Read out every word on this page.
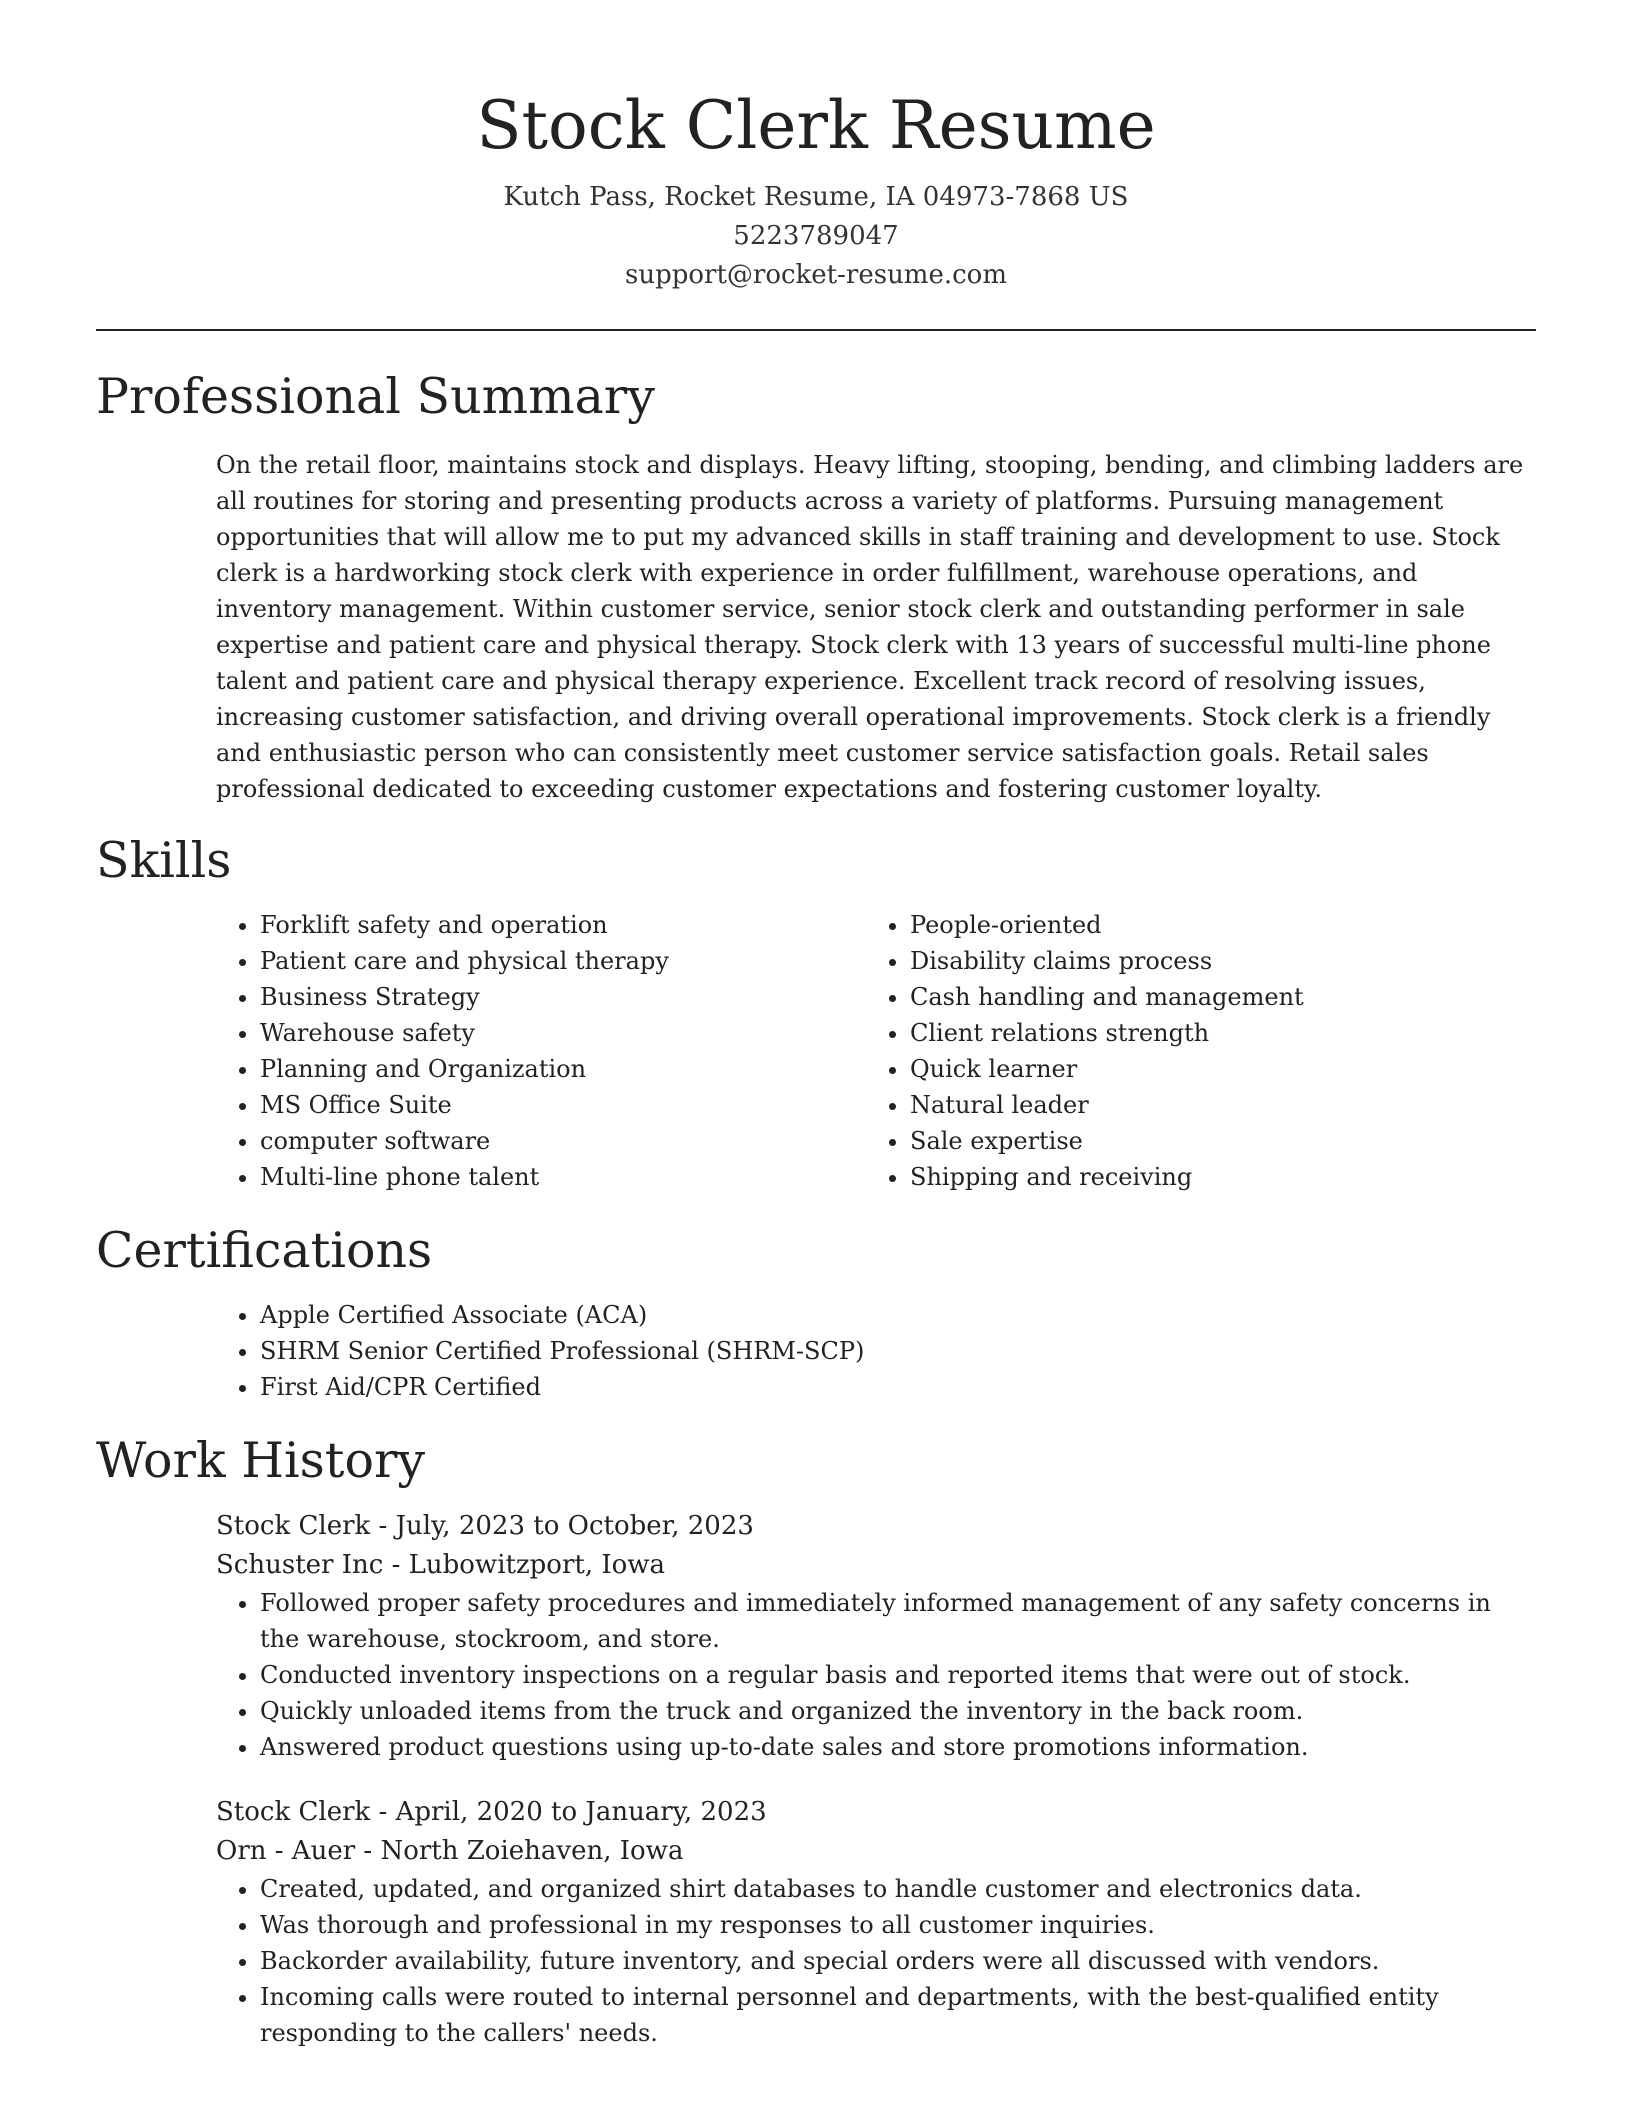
Stock Clerk Resume
Kutch Pass, Rocket Resume, IA 04973-7868 US
5223789047
support@rocket-resume.com
Professional Summary

On the retail floor, maintains stock and displays. Heavy lifting, stooping, bending, and climbing ladders are all routines for storing and presenting products across a variety of platforms. Pursuing management opportunities that will allow me to put my advanced skills in staff training and development to use. Stock clerk is a hardworking stock clerk with experience in order fulfillment, warehouse operations, and inventory management. Within customer service, senior stock clerk and outstanding performer in sale expertise and patient care and physical therapy. Stock clerk with 13 years of successful multi-line phone talent and patient care and physical therapy experience. Excellent track record of resolving issues, increasing customer satisfaction, and driving overall operational improvements. Stock clerk is a friendly and enthusiastic person who can consistently meet customer service satisfaction goals. Retail sales professional dedicated to exceeding customer expectations and fostering customer loyalty.

Skills
• Forklift safety and operation
• Patient care and physical therapy
• Business Strategy
• Warehouse safety
• Planning and Organization
• MS Office Suite
• computer software
• Multi-line phone talent
• People-oriented
• Disability claims process
• Cash handling and management
• Client relations strength
• Quick learner
• Natural leader
• Sale expertise
• Shipping and receiving
Certifications
• Apple Certified Associate (ACA)
• SHRM Senior Certified Professional (SHRM-SCP)
• First Aid/CPR Certified
Work History
Stock Clerk - July, 2023 to October, 2023
Schuster Inc - Lubowitzport, Iowa
• Followed proper safety procedures and immediately informed management of any safety concerns in the warehouse, stockroom, and store.
• Conducted inventory inspections on a regular basis and reported items that were out of stock.
• Quickly unloaded items from the truck and organized the inventory in the back room.
• Answered product questions using up-to-date sales and store promotions information.
Stock Clerk - April, 2020 to January, 2023
Orn - Auer - North Zoiehaven, Iowa
• Created, updated, and organized shirt databases to handle customer and electronics data.
• Was thorough and professional in my responses to all customer inquiries.
• Backorder availability, future inventory, and special orders were all discussed with vendors.
• Incoming calls were routed to internal personnel and departments, with the best-qualified entity responding to the callers' needs.
